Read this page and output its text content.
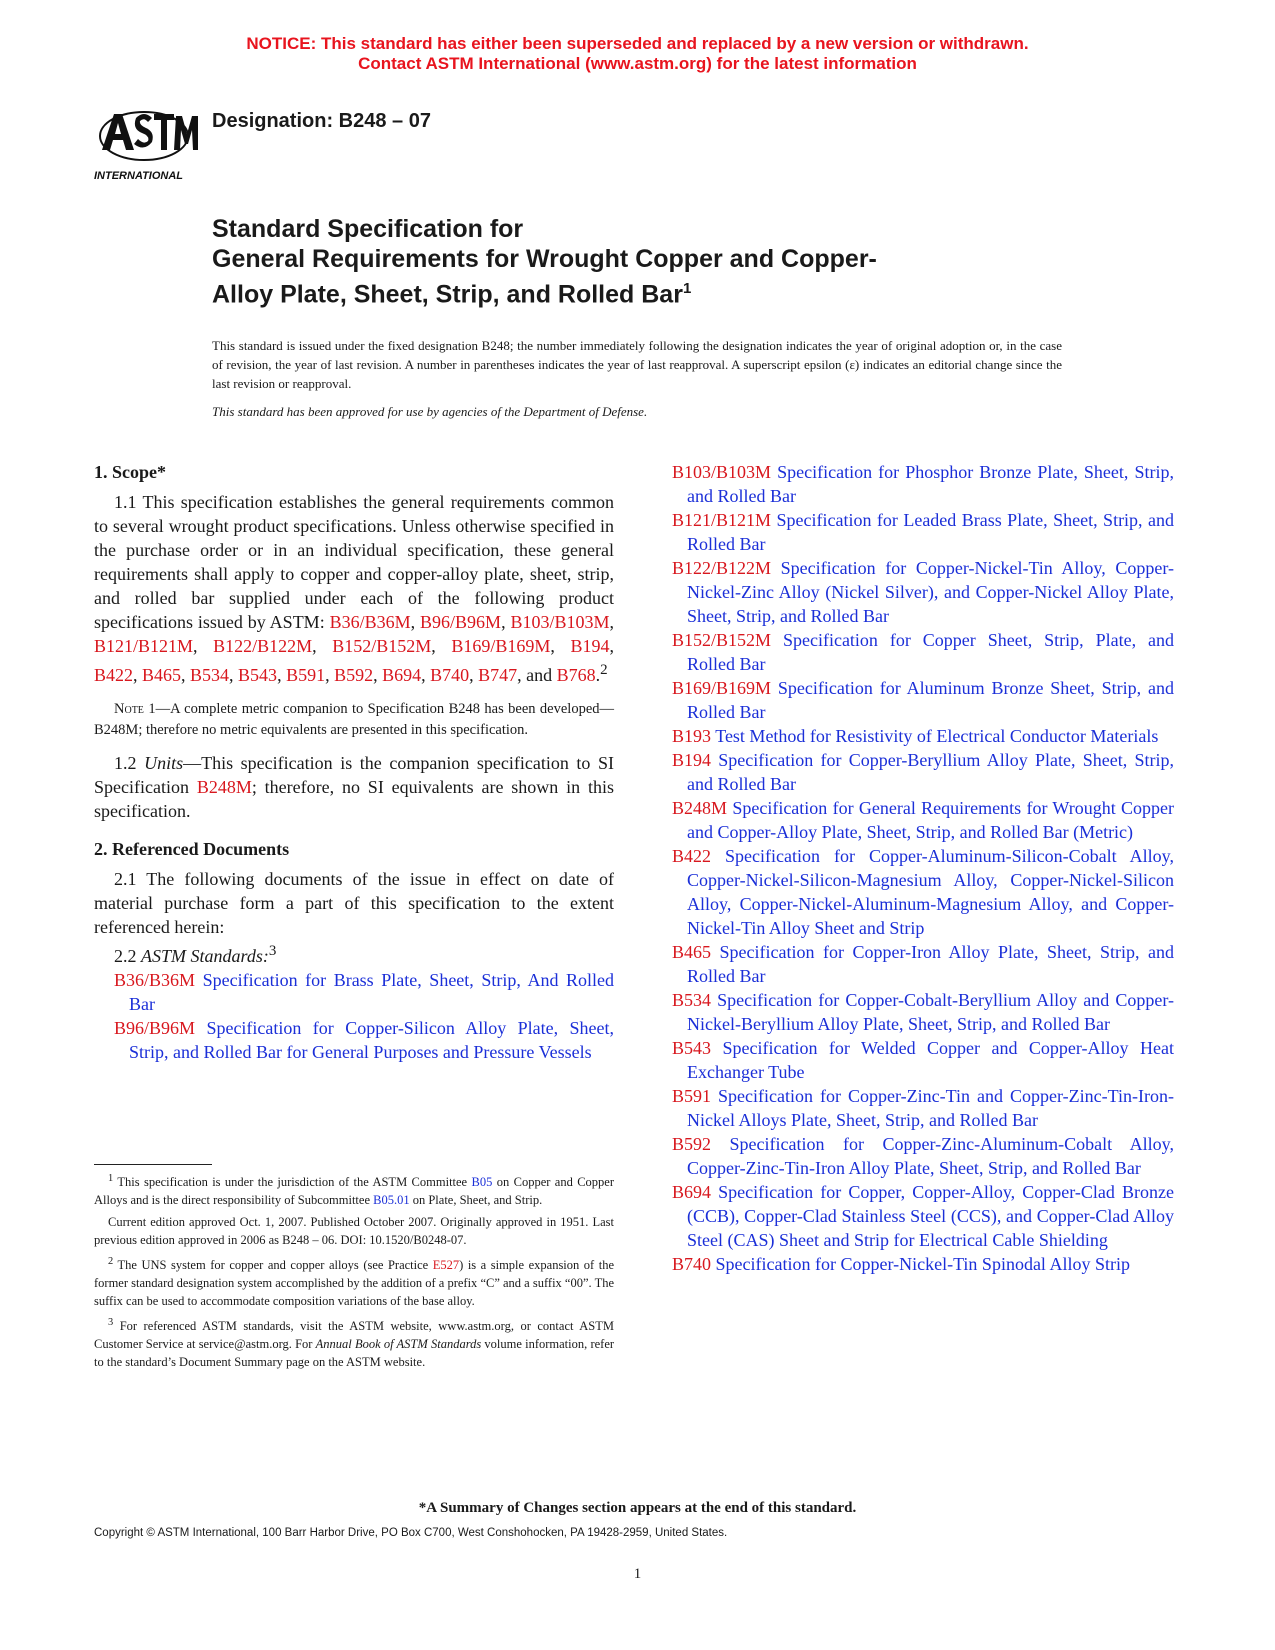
NOTICE: This standard has either been superseded and replaced by a new version or withdrawn.
Contact ASTM International (www.astm.org) for the latest information
INTERNATIONAL
Designation: B248 – 07
Standard Specification for
General Requirements for Wrought Copper and Copper-
Alloy Plate, Sheet, Strip, and Rolled Bar$^1$
This standard is issued under the fixed designation B248; the number immediately following the designation indicates the year of original adoption or, in the case of revision, the year of last revision. A number in parentheses indicates the year of last reapproval. A superscript epsilon (ε) indicates an editorial change since the last revision or reapproval.
This standard has been approved for use by agencies of the Department of Defense.
1. Scope*

1.1 This specification establishes the general requirements common to several wrought product specifications. Unless otherwise specified in the purchase order or in an individual specification, these general requirements shall apply to copper and copper-alloy plate, sheet, strip, and rolled bar supplied under each of the following product specifications issued by ASTM: B36/B36M, B96/B96M, B103/B103M, B121/B121M, B122/B122M, B152/B152M, B169/B169M, B194, B422, B465, B534, B543, B591, B592, B694, B740, B747, and B768.$^2$

Note 1—A complete metric companion to Specification B248 has been developed—B248M; therefore no metric equivalents are presented in this specification.

1.2 Units—This specification is the companion specification to SI Specification B248M; therefore, no SI equivalents are shown in this specification.

2. Referenced Documents

2.1 The following documents of the issue in effect on date of material purchase form a part of this specification to the extent referenced herein:

2.2 ASTM Standards:$^3$

B36/B36M Specification for Brass Plate, Sheet, Strip, And Rolled Bar
B96/B96M Specification for Copper-Silicon Alloy Plate, Sheet, Strip, and Rolled Bar for General Purposes and Pressure Vessels
B103/B103M Specification for Phosphor Bronze Plate, Sheet, Strip, and Rolled Bar
B121/B121M Specification for Leaded Brass Plate, Sheet, Strip, and Rolled Bar
B122/B122M Specification for Copper-Nickel-Tin Alloy, Copper-Nickel-Zinc Alloy (Nickel Silver), and Copper-Nickel Alloy Plate, Sheet, Strip, and Rolled Bar
B152/B152M Specification for Copper Sheet, Strip, Plate, and Rolled Bar
B169/B169M Specification for Aluminum Bronze Sheet, Strip, and Rolled Bar
B193 Test Method for Resistivity of Electrical Conductor Materials
B194 Specification for Copper-Beryllium Alloy Plate, Sheet, Strip, and Rolled Bar
B248M Specification for General Requirements for Wrought Copper and Copper-Alloy Plate, Sheet, Strip, and Rolled Bar (Metric)
B422 Specification for Copper-Aluminum-Silicon-Cobalt Alloy, Copper-Nickel-Silicon-Magnesium Alloy, Copper-Nickel-Silicon Alloy, Copper-Nickel-Aluminum-Magnesium Alloy, and Copper-Nickel-Tin Alloy Sheet and Strip
B465 Specification for Copper-Iron Alloy Plate, Sheet, Strip, and Rolled Bar
B534 Specification for Copper-Cobalt-Beryllium Alloy and Copper-Nickel-Beryllium Alloy Plate, Sheet, Strip, and Rolled Bar
B543 Specification for Welded Copper and Copper-Alloy Heat Exchanger Tube
B591 Specification for Copper-Zinc-Tin and Copper-Zinc-Tin-Iron-Nickel Alloys Plate, Sheet, Strip, and Rolled Bar
B592 Specification for Copper-Zinc-Aluminum-Cobalt Alloy, Copper-Zinc-Tin-Iron Alloy Plate, Sheet, Strip, and Rolled Bar
B694 Specification for Copper, Copper-Alloy, Copper-Clad Bronze (CCB), Copper-Clad Stainless Steel (CCS), and Copper-Clad Alloy Steel (CAS) Sheet and Strip for Electrical Cable Shielding
B740 Specification for Copper-Nickel-Tin Spinodal Alloy Strip

$^1$ This specification is under the jurisdiction of the ASTM Committee B05 on Copper and Copper Alloys and is the direct responsibility of Subcommittee B05.01 on Plate, Sheet, and Strip.

Current edition approved Oct. 1, 2007. Published October 2007. Originally approved in 1951. Last previous edition approved in 2006 as B248 – 06. DOI: 10.1520/B0248-07.

$^2$ The UNS system for copper and copper alloys (see Practice E527) is a simple expansion of the former standard designation system accomplished by the addition of a prefix “C” and a suffix “00”. The suffix can be used to accommodate composition variations of the base alloy.

$^3$ For referenced ASTM standards, visit the ASTM website, www.astm.org, or contact ASTM Customer Service at service@astm.org. For Annual Book of ASTM Standards volume information, refer to the standard’s Document Summary page on the ASTM website.

*A Summary of Changes section appears at the end of this standard.
Copyright © ASTM International, 100 Barr Harbor Drive, PO Box C700, West Conshohocken, PA 19428-2959, United States.
1
